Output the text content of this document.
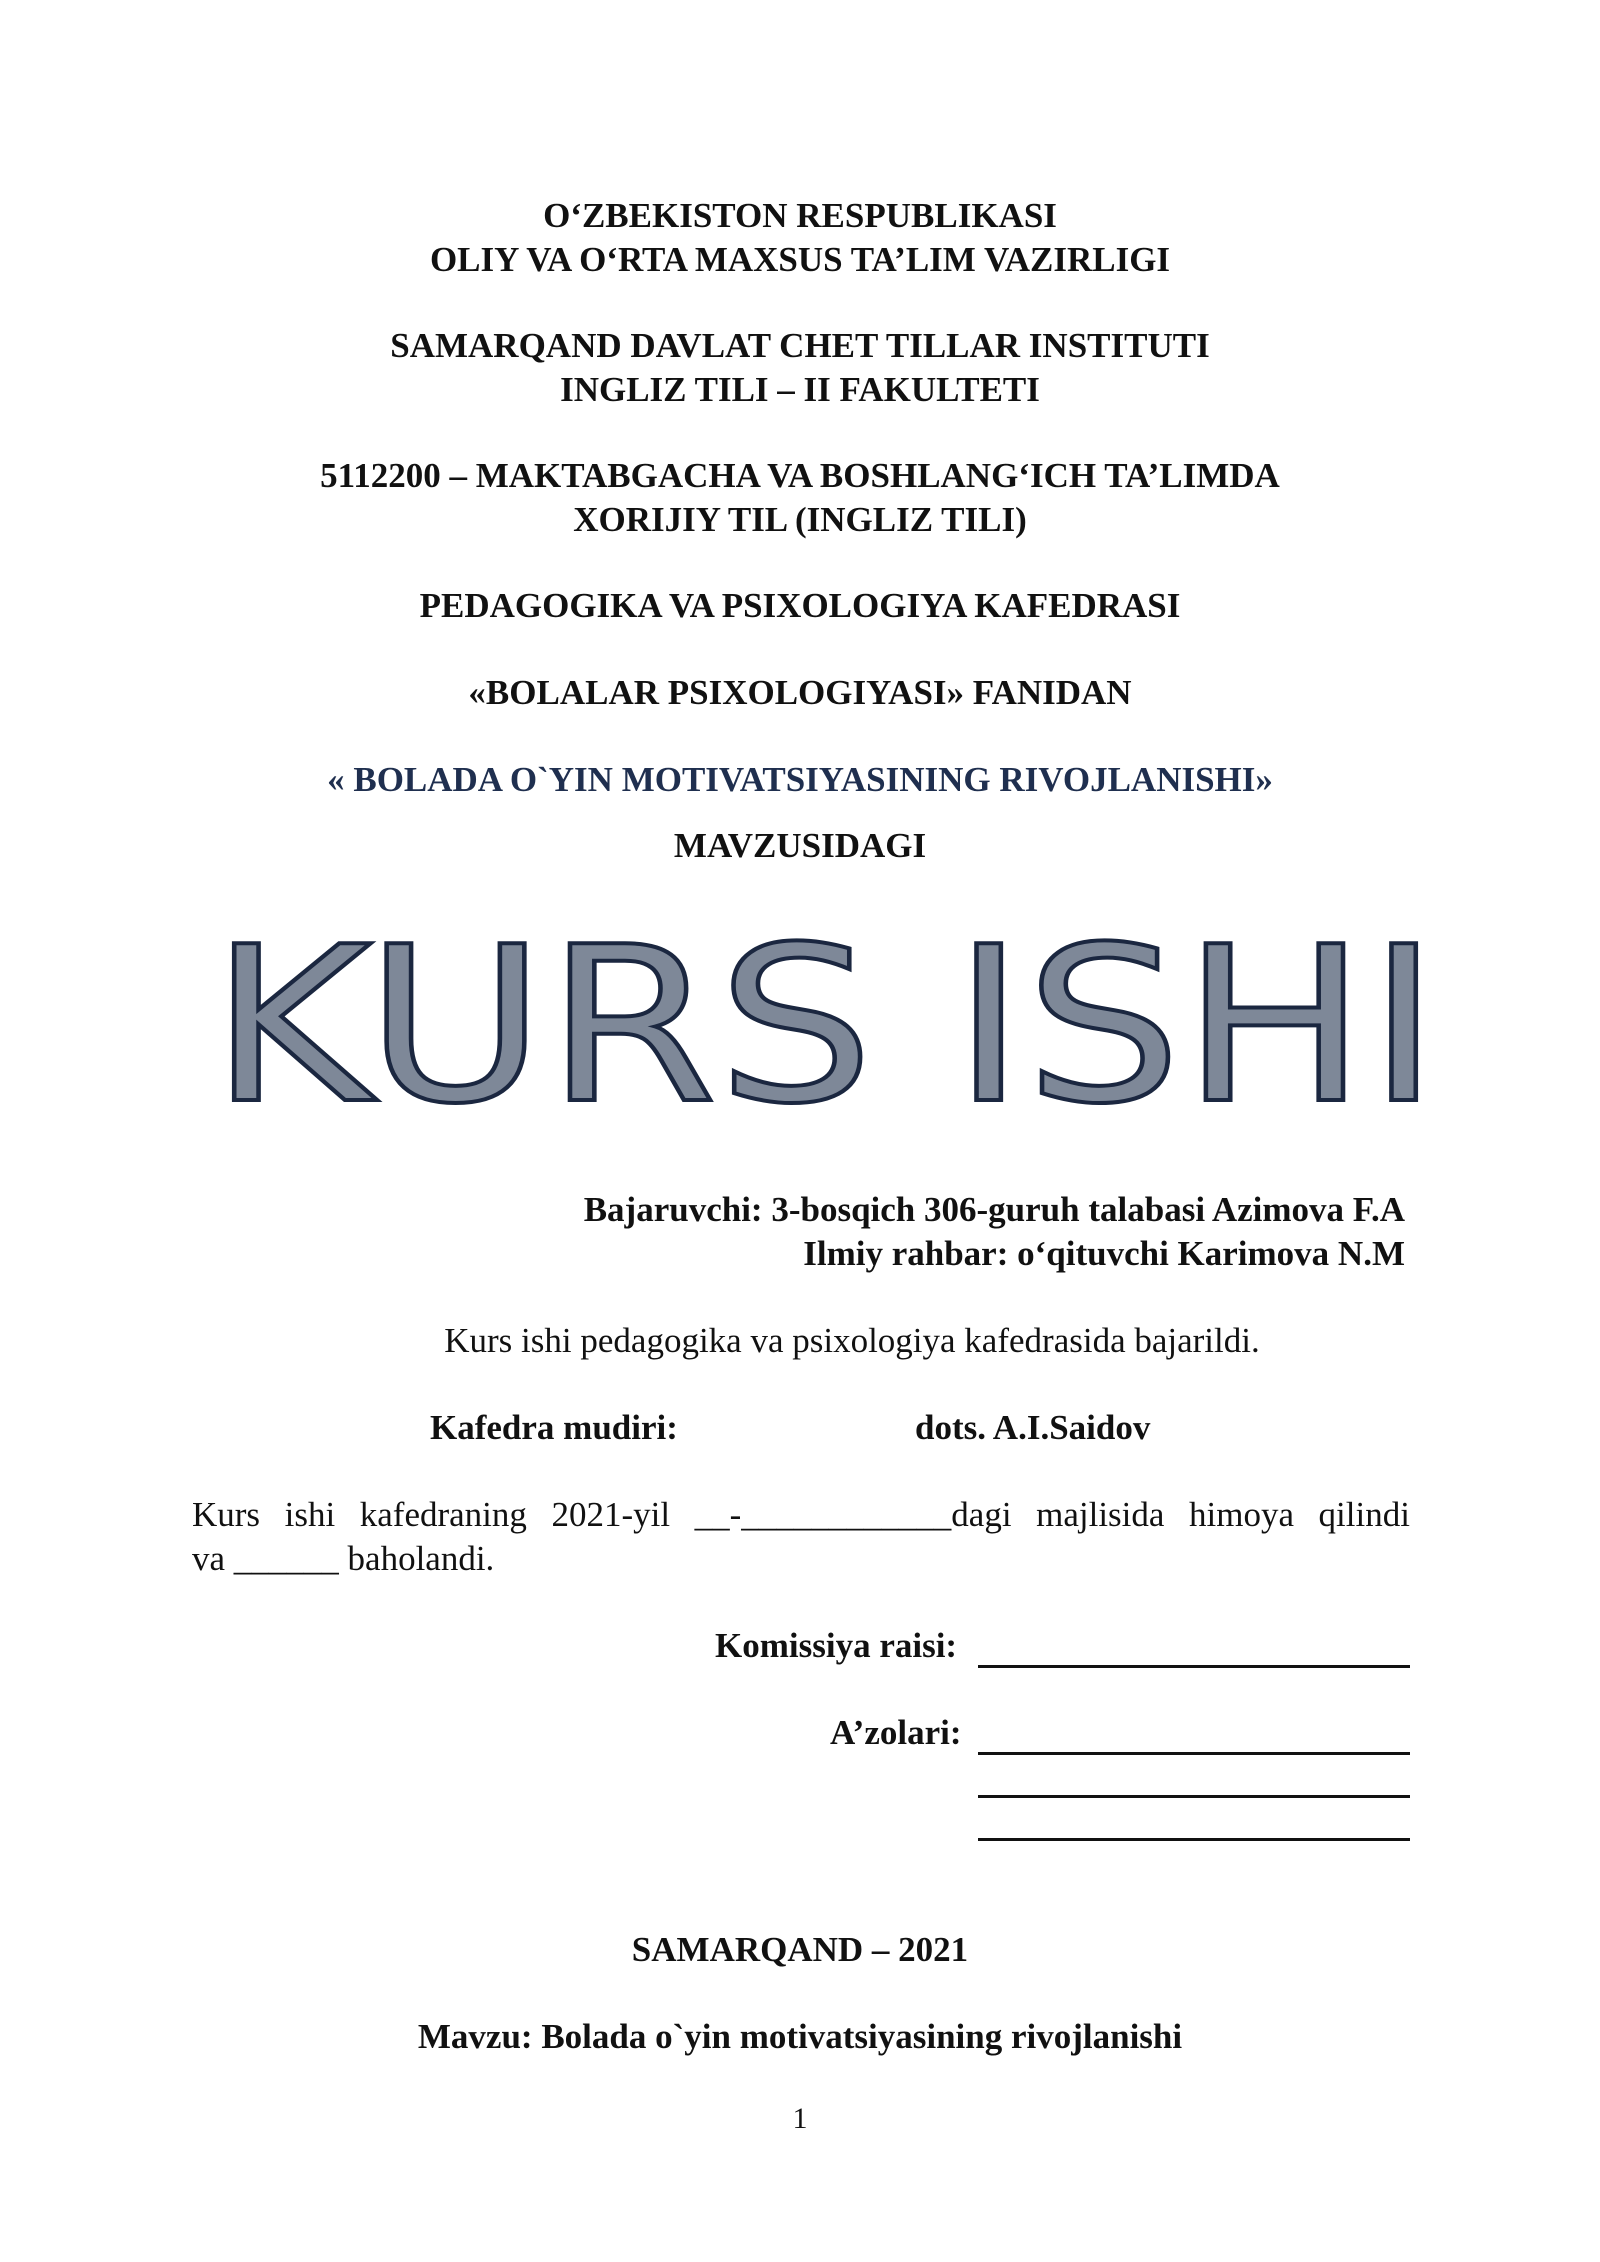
O‘ZBEKISTON RESPUBLIKASI
OLIY VA O‘RTA MAXSUS TA’LIM VAZIRLIGI
SAMARQAND DAVLAT CHET TILLAR INSTITUTI
INGLIZ TILI – II FAKULTETI
5112200 – MAKTABGACHA VA BOSHLANG‘ICH TA’LIMDA
XORIJIY TIL (INGLIZ TILI)
PEDAGOGIKA VA PSIXOLOGIYA KAFEDRASI
«BOLALAR PSIXOLOGIYASI» FANIDAN
« BOLADA O`YIN MOTIVATSIYASINING RIVOJLANISHI»
MAVZUSIDAGI
KURS ISHI
Bajaruvchi: 3-bosqich 306-guruh talabasi Azimova F.A
Ilmiy rahbar: o‘qituvchi Karimova N.M
Kurs ishi pedagogika va psixologiya kafedrasida bajarildi.
Kafedra mudiri:	dots. A.I.Saidov
Kurs ishi kafedraning 2021-yil __-____________dagi majlisida himoya qilindi
va ______ baholandi.
Komissiya raisi:
A’zolari:
SAMARQAND – 2021
Mavzu: Bolada o`yin motivatsiyasining rivojlanishi
1
